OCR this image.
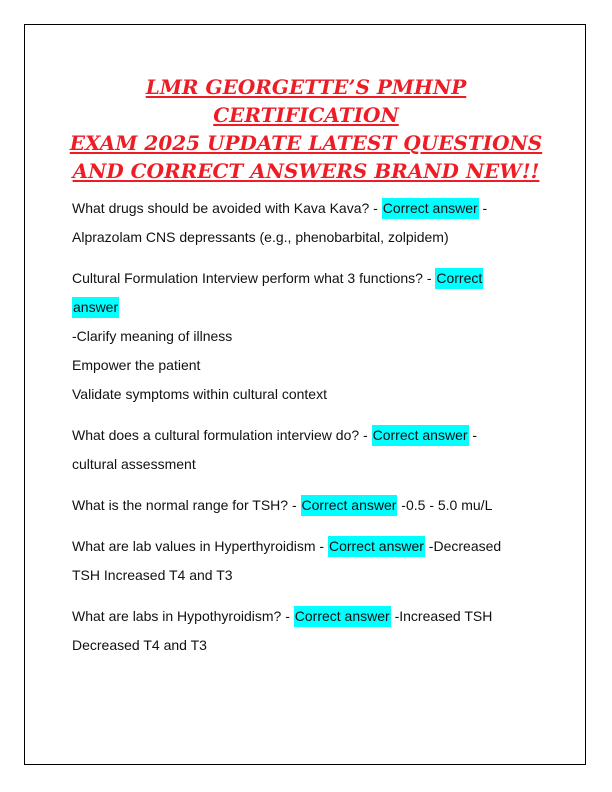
LMR GEORGETTE’S PMHNP CERTIFICATION
EXAM 2025 UPDATE LATEST QUESTIONS
AND CORRECT ANSWERS BRAND NEW!!
What drugs should be avoided with Kava Kava? - Correct answer -
Alprazolam CNS depressants (e.g., phenobarbital, zolpidem)
Cultural Formulation Interview perform what 3 functions? - Correct
answer
-Clarify meaning of illness
Empower the patient
Validate symptoms within cultural context
What does a cultural formulation interview do? - Correct answer -
cultural assessment
What is the normal range for TSH? - Correct answer -0.5 - 5.0 mu/L
What are lab values in Hyperthyroidism - Correct answer -Decreased
TSH Increased T4 and T3
What are labs in Hypothyroidism? - Correct answer -Increased TSH
Decreased T4 and T3
